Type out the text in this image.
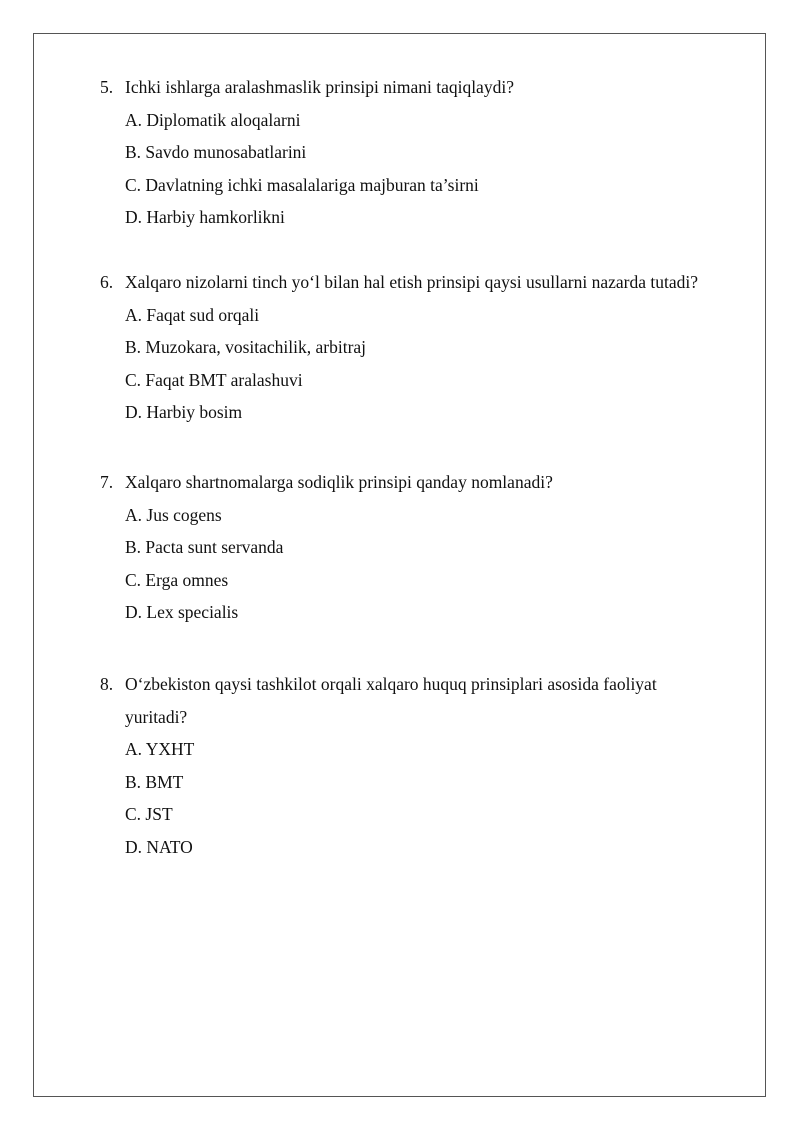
5. Ichki ishlarga aralashmaslik prinsipi nimani taqiqlaydi?
A. Diplomatik aloqalarni
B. Savdo munosabatlarini
C. Davlatning ichki masalalariga majburan ta’sirni
D. Harbiy hamkorlikni
6. Xalqaro nizolarni tinch yo‘l bilan hal etish prinsipi qaysi usullarni nazarda tutadi?
A. Faqat sud orqali
B. Muzokara, vositachilik, arbitraj
C. Faqat BMT aralashuvi
D. Harbiy bosim
7. Xalqaro shartnomalarga sodiqlik prinsipi qanday nomlanadi?
A. Jus cogens
B. Pacta sunt servanda
C. Erga omnes
D. Lex specialis
8. O‘zbekiston qaysi tashkilot orqali xalqaro huquq prinsiplari asosida faoliyat yuritadi?
A. YXHT
B. BMT
C. JST
D. NATO
